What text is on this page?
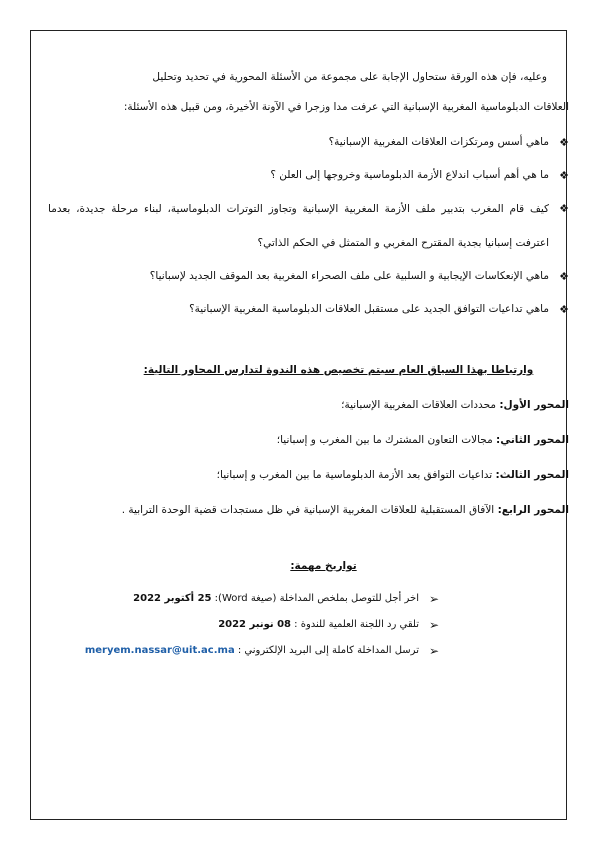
وعليه، فإن هذه الورقة ستحاول الإجابة على مجموعة من الأسئلة المحورية في تحديد وتحليل
العلاقات الدبلوماسية المغربية الإسبانية التي عرفت مدا وزجرا في الآونة الأخيرة، ومن قبيل هذه الأسئلة:
❖
ماهي أسس ومرتكزات العلاقات المغربية الإسبانية؟
❖
ما هي أهم أسباب اندلاع الأزمة الدبلوماسية وخروجها إلى العلن ؟
❖
كيف قام المغرب بتدبير ملف الأزمة المغربية الإسبانية وتجاوز التوترات الدبلوماسية، لبناء مرحلة جديدة، بعدما اعترفت إسبانيا بجدية المقترح المغربي و المتمثل في الحكم الذاتي؟
❖
ماهي الإنعكاسات الإيجابية و السلبية على ملف الصحراء المغربية بعد الموقف الجديد لإسبانيا؟
❖
ماهي تداعيات التوافق الجديد على مستقبل العلاقات الدبلوماسية المغربية الإسبانية؟
وارتباطا بهذا السياق العام سيتم تخصيص هذه الندوة لتدارس المحاور التالية:
المحور الأول: محددات العلاقات المغربية الإسبانية؛
المحور الثاني: مجالات التعاون المشترك ما بين المغرب و إسبانيا؛
المحور الثالث: تداعيات التوافق بعد الأزمة الدبلوماسية ما بين المغرب و إسبانيا؛
المحور الرابع: الآفاق المستقبلية للعلاقات المغربية الإسبانية في ظل مستجدات قضية الوحدة الترابية .
تواريخ مهمة:
➢
اخر أجل للتوصل بملخص المداخلة (صيغة Word): 25 أكتوبر 2022
➢
تلقي رد اللجنة العلمية للندوة : 08 نونبر 2022
➢
ترسل المداخلة كاملة إلى البريد الإلكتروني : meryem.nassar@uit.ac.ma
